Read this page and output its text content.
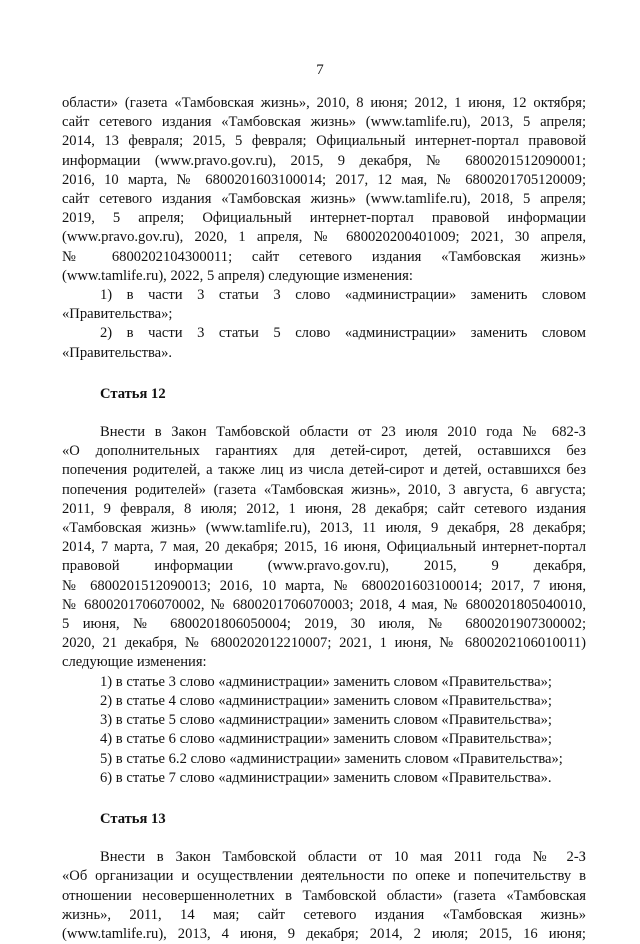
7
области» (газета «Тамбовская жизнь», 2010, 8 июня; 2012, 1 июня, 12 октября;
сайт сетевого издания «Тамбовская жизнь» (www.tamlife.ru), 2013, 5 апреля;
2014, 13 февраля; 2015, 5 февраля; Официальный интернет-портал правовой
информации (www.pravo.gov.ru), 2015, 9 декабря, № 6800201512090001;
2016, 10 марта, № 6800201603100014; 2017, 12 мая, № 6800201705120009;
сайт сетевого издания «Тамбовская жизнь» (www.tamlife.ru), 2018, 5 апреля;
2019, 5 апреля; Официальный интернет-портал правовой информации
(www.pravo.gov.ru), 2020, 1 апреля, № 680020200401009; 2021, 30 апреля,
№ 6800202104300011; сайт сетевого издания «Тамбовская жизнь»
(www.tamlife.ru), 2022, 5 апреля) следующие изменения:
1) в части 3 статьи 3 слово «администрации» заменить словом
«Правительства»;
2) в части 3 статьи 5 слово «администрации» заменить словом
«Правительства».
Статья 12
Внести в Закон Тамбовской области от 23 июля 2010 года № 682-З
«О дополнительных гарантиях для детей-сирот, детей, оставшихся без
попечения родителей, а также лиц из числа детей-сирот и детей, оставшихся без
попечения родителей» (газета «Тамбовская жизнь», 2010, 3 августа, 6 августа;
2011, 9 февраля, 8 июля; 2012, 1 июня, 28 декабря; сайт сетевого издания
«Тамбовская жизнь» (www.tamlife.ru), 2013, 11 июля, 9 декабря, 28 декабря;
2014, 7 марта, 7 мая, 20 декабря; 2015, 16 июня, Официальный интернет-портал
правовой информации (www.pravo.gov.ru), 2015, 9 декабря,
№ 6800201512090013; 2016, 10 марта, № 6800201603100014; 2017, 7 июня,
№ 6800201706070002, № 6800201706070003; 2018, 4 мая, № 6800201805040010,
5 июня, № 6800201806050004; 2019, 30 июля, № 6800201907300002;
2020, 21 декабря, № 6800202012210007; 2021, 1 июня, № 6800202106010011)
следующие изменения:
1) в статье 3 слово «администрации» заменить словом «Правительства»;
2) в статье 4 слово «администрации» заменить словом «Правительства»;
3) в статье 5 слово «администрации» заменить словом «Правительства»;
4) в статье 6 слово «администрации» заменить словом «Правительства»;
5) в статье 6.2 слово «администрации» заменить словом «Правительства»;
6) в статье 7 слово «администрации» заменить словом «Правительства».
Статья 13
Внести в Закон Тамбовской области от 10 мая 2011 года № 2-З
«Об организации и осуществлении деятельности по опеке и попечительству в
отношении несовершеннолетних в Тамбовской области» (газета «Тамбовская
жизнь», 2011, 14 мая; сайт сетевого издания «Тамбовская жизнь»
(www.tamlife.ru), 2013, 4 июня, 9 декабря; 2014, 2 июля; 2015, 16 июня;
